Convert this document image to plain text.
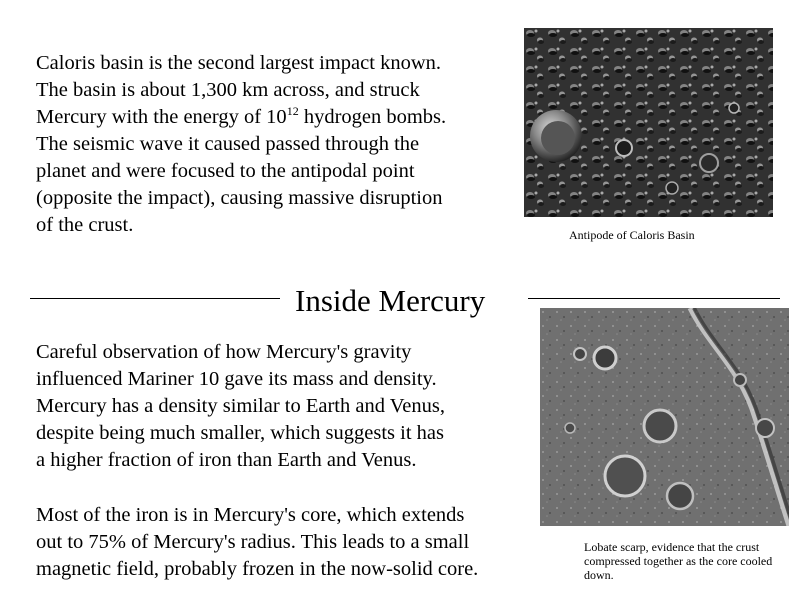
Caloris basin is the second largest impact known.
The basin is about 1,300 km across, and struck
Mercury with the energy of $10^{12}$ hydrogen bombs.
The seismic wave it caused passed through the
planet and were focused to the antipodal point
(opposite the impact), causing massive disruption
of the crust.	Antipode of Caloris Basin
Inside Mercury
Careful observation of how Mercury's gravity
influenced Mariner 10 gave its mass and density.
Mercury has a density similar to Earth and Venus,
despite being much smaller, which suggests it has
a higher fraction of iron than Earth and Venus.
Most of the iron is in Mercury's core, which extends
out to 75% of Mercury's radius. This leads to a small
magnetic field, probably frozen in the now-solid core.
Lobate scarp, evidence that the crust compressed together as the core cooled down.
